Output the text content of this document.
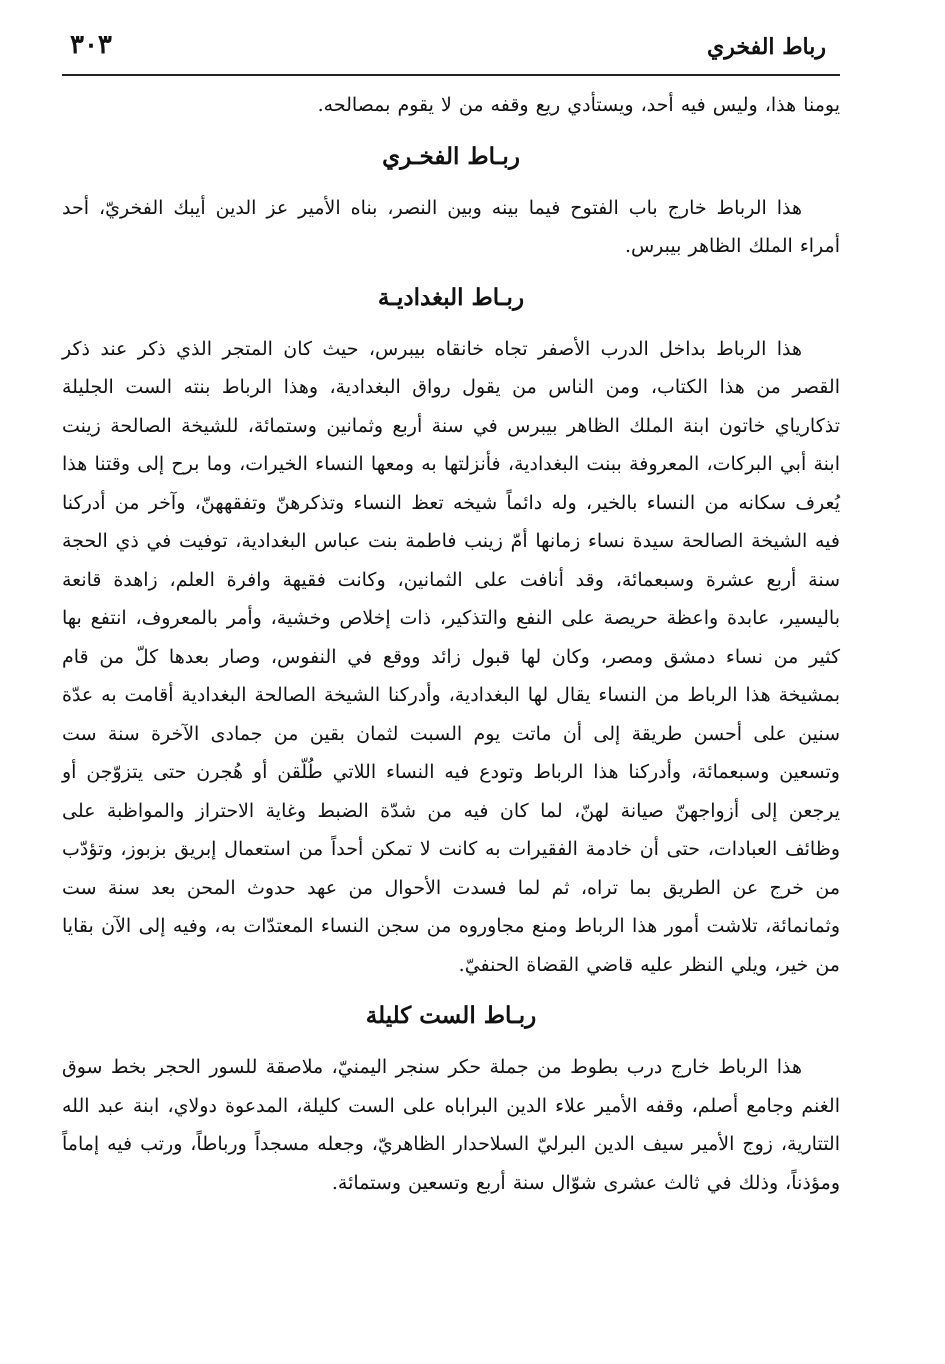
رباط الفخري
٣٠٣

يومنا هذا، وليس فيه أحد، ويستأدي ريع وقفه من لا يقوم بمصالحه.

ربـاط الفخـري

هذا الرباط خارج باب الفتوح فيما بينه وبين النصر، بناه الأمير عز الدين أيبك الفخريّ، أحد أمراء الملك الظاهر بيبرس.

ربـاط البغداديـة

هذا الرباط بداخل الدرب الأصفر تجاه خانقاه بيبرس، حيث كان المتجر الذي ذكر عند ذكر القصر من هذا الكتاب، ومن الناس من يقول رواق البغدادية، وهذا الرباط بنته الست الجليلة تذكارياي خاتون ابنة الملك الظاهر بيبرس في سنة أربع وثمانين وستمائة، للشيخة الصالحة زينت ابنة أبي البركات، المعروفة ببنت البغدادية، فأنزلتها به ومعها النساء الخيرات، وما برح إلى وقتنا هذا يُعرف سكانه من النساء بالخير، وله دائماً شيخه تعظ النساء وتذكرهنّ وتفقههنّ، وآخر من أدركنا فيه الشيخة الصالحة سيدة نساء زمانها أمّ زينب فاطمة بنت عباس البغدادية، توفيت في ذي الحجة سنة أربع عشرة وسبعمائة، وقد أنافت على الثمانين، وكانت فقيهة وافرة العلم، زاهدة قانعة باليسير، عابدة واعظة حريصة على النفع والتذكير، ذات إخلاص وخشية، وأمر بالمعروف، انتفع بها كثير من نساء دمشق ومصر، وكان لها قبول زائد ووقع في النفوس، وصار بعدها كلّ من قام بمشيخة هذا الرباط من النساء يقال لها البغدادية، وأدركنا الشيخة الصالحة البغدادية أقامت به عدّة سنين على أحسن طريقة إلى أن ماتت يوم السبت لثمان بقين من جمادى الآخرة سنة ست وتسعين وسبعمائة، وأدركنا هذا الرباط وتودع فيه النساء اللاتي طُلّقن أو هُجرن حتى يتزوّجن أو يرجعن إلى أزواجهنّ صيانة لهنّ، لما كان فيه من شدّة الضبط وغاية الاحتراز والمواظبة على وظائف العبادات، حتى أن خادمة الفقيرات به كانت لا تمكن أحداً من استعمال إبريق بزبوز، وتؤدّب من خرج عن الطريق بما تراه، ثم لما فسدت الأحوال من عهد حدوث المحن بعد سنة ست وثمانمائة، تلاشت أمور هذا الرباط ومنع مجاوروه من سجن النساء المعتدّات به، وفيه إلى الآن بقايا من خير، ويلي النظر عليه قاضي القضاة الحنفيّ.

ربـاط الست كليلة

هذا الرباط خارج درب بطوط من جملة حكر سنجر اليمنيّ، ملاصقة للسور الحجر بخط سوق الغنم وجامع أصلم، وقفه الأمير علاء الدين البراباه على الست كليلة، المدعوة دولاي، ابنة عبد الله التتارية، زوج الأمير سيف الدين البرليّ السلاحدار الظاهريّ، وجعله مسجداً ورباطاً، ورتب فيه إماماً ومؤذناً، وذلك في ثالث عشرى شوّال سنة أربع وتسعين وستمائة.
